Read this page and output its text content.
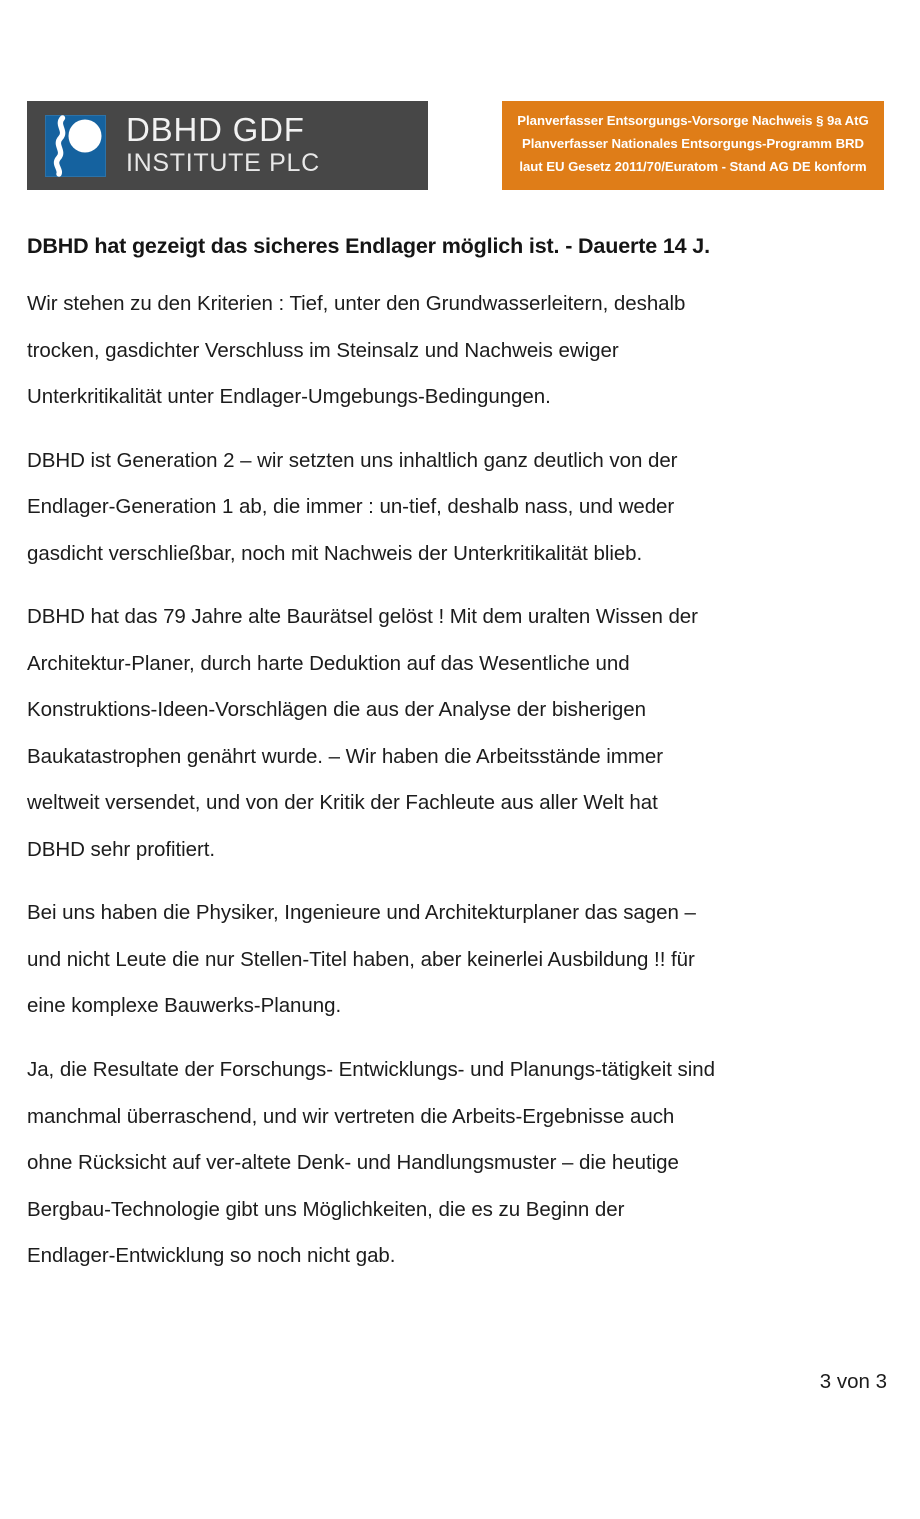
DBHD GDF
INSTITUTE PLC
Planverfasser Entsorgungs-Vorsorge Nachweis § 9a AtG
Planverfasser Nationales Entsorgungs-Programm BRD
laut EU Gesetz 2011/70/Euratom - Stand AG DE konform
DBHD hat gezeigt das sicheres Endlager möglich ist. - Dauerte 14 J.

Wir stehen zu den Kriterien : Tief, unter den Grundwasserleitern, deshalb trocken, gasdichter Verschluss im Steinsalz und Nachweis ewiger Unterkritikalität unter Endlager-Umgebungs-Bedingungen.

DBHD ist Generation 2 – wir setzten uns inhaltlich ganz deutlich von der Endlager-Generation 1 ab, die immer : un-tief, deshalb nass, und weder gasdicht verschließbar, noch mit Nachweis der Unterkritikalität blieb.

DBHD hat das 79 Jahre alte Baurätsel gelöst ! Mit dem uralten Wissen der Architektur-Planer, durch harte Deduktion auf das Wesentliche und Konstruktions-Ideen-Vorschlägen die aus der Analyse der bisherigen Baukatastrophen genährt wurde. – Wir haben die Arbeitsstände immer weltweit versendet, und von der Kritik der Fachleute aus aller Welt hat DBHD sehr profitiert.

Bei uns haben die Physiker, Ingenieure und Architekturplaner das sagen – und nicht Leute die nur Stellen-Titel haben, aber keinerlei Ausbildung !! für eine komplexe Bauwerks-Planung.

Ja, die Resultate der Forschungs- Entwicklungs- und Planungs-tätigkeit sind manchmal überraschend, und wir vertreten die Arbeits-Ergebnisse auch ohne Rücksicht auf ver-altete Denk- und Handlungsmuster – die heutige Bergbau-Technologie gibt uns Möglichkeiten, die es zu Beginn der Endlager-Entwicklung so noch nicht gab.

3 von 3
